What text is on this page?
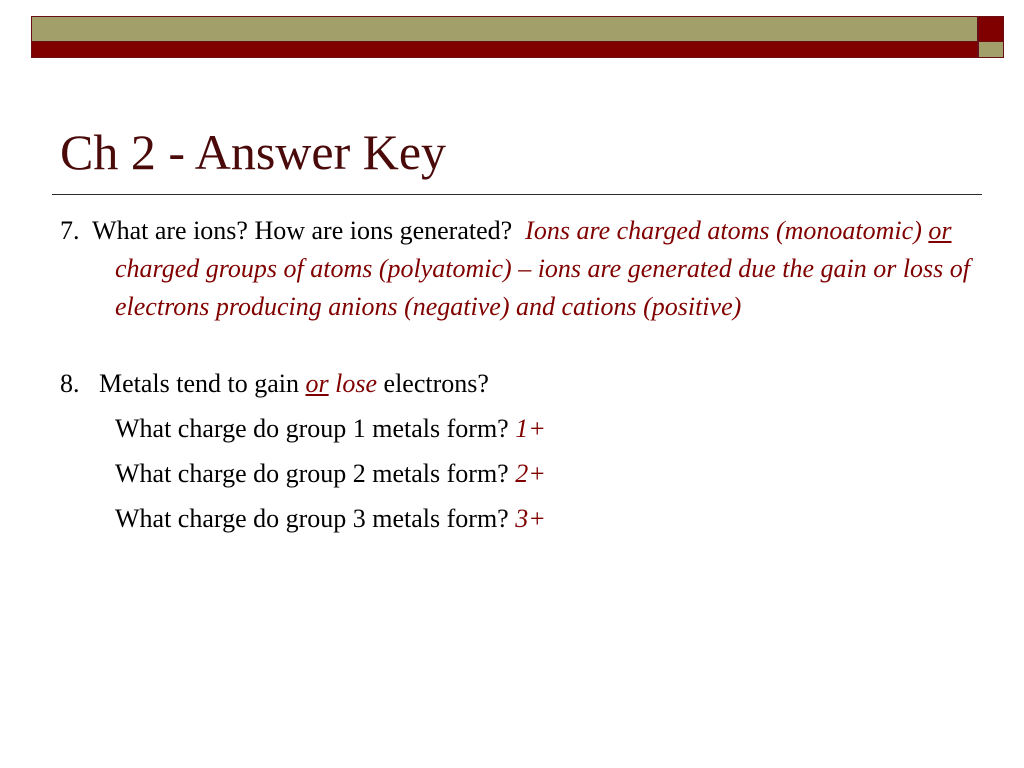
Ch 2 - Answer Key

7. What are ions? How are ions generated? Ions are charged atoms (monoatomic) or charged groups of atoms (polyatomic) – ions are generated due the gain or loss of electrons producing anions (negative) and cations (positive)

8. Metals tend to gain or lose electrons?

What charge do group 1 metals form? 1+

What charge do group 2 metals form? 2+

What charge do group 3 metals form? 3+
